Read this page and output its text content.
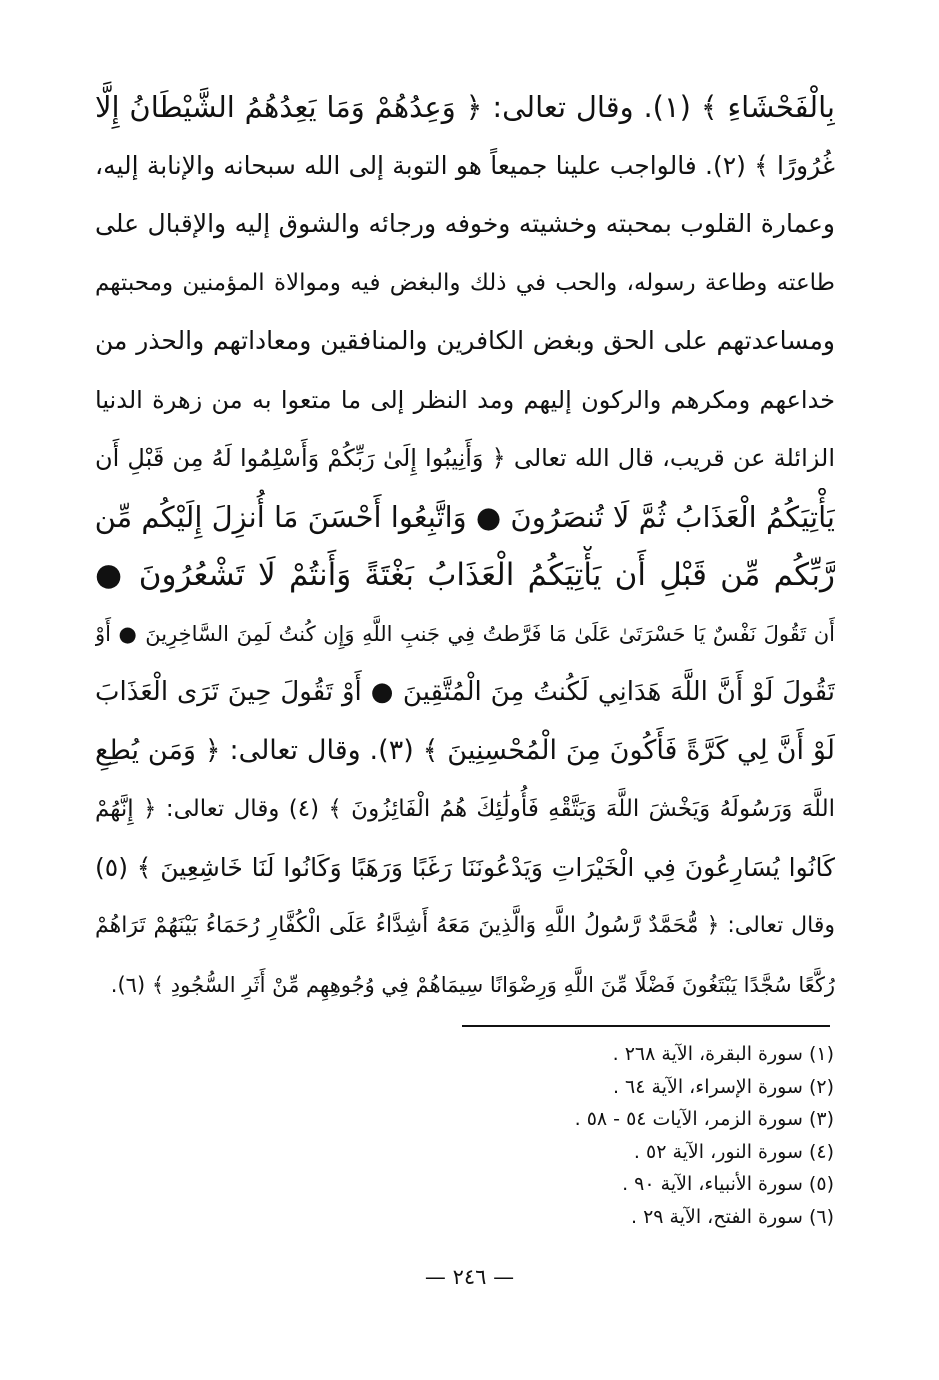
بِالْفَحْشَاءِ ﴾ (١). وقال تعالى: ﴿ وَعِدُهُمْ وَمَا يَعِدُهُمُ الشَّيْطَانُ إِلَّا
غُرُورًا ﴾ (٢). فالواجب علينا جميعاً هو التوبة إلى الله سبحانه والإنابة إليه،
وعمارة القلوب بمحبته وخشيته وخوفه ورجائه والشوق إليه والإقبال على
طاعته وطاعة رسوله، والحب في ذلك والبغض فيه وموالاة المؤمنين ومحبتهم
ومساعدتهم على الحق وبغض الكافرين والمنافقين ومعاداتهم والحذر من
خداعهم ومكرهم والركون إليهم ومد النظر إلى ما متعوا به من زهرة الدنيا
الزائلة عن قريب، قال الله تعالى ﴿ وَأَنِيبُوا إِلَىٰ رَبِّكُمْ وَأَسْلِمُوا لَهُ مِن قَبْلِ أَن
يَأْتِيَكُمُ الْعَذَابُ ثُمَّ لَا تُنصَرُونَ ● وَاتَّبِعُوا أَحْسَنَ مَا أُنزِلَ إِلَيْكُم مِّن
رَّبِّكُم مِّن قَبْلِ أَن يَأْتِيَكُمُ الْعَذَابُ بَغْتَةً وَأَنتُمْ لَا تَشْعُرُونَ ●
أَن تَقُولَ نَفْسٌ يَا حَسْرَتَىٰ عَلَىٰ مَا فَرَّطتُ فِي جَنبِ اللَّهِ وَإِن كُنتُ لَمِنَ السَّاخِرِينَ ● أَوْ
تَقُولَ لَوْ أَنَّ اللَّهَ هَدَانِي لَكُنتُ مِنَ الْمُتَّقِينَ ● أَوْ تَقُولَ حِينَ تَرَى الْعَذَابَ
لَوْ أَنَّ لِي كَرَّةً فَأَكُونَ مِنَ الْمُحْسِنِينَ ﴾ (٣). وقال تعالى: ﴿ وَمَن يُطِعِ
اللَّهَ وَرَسُولَهُ وَيَخْشَ اللَّهَ وَيَتَّقْهِ فَأُولَٰئِكَ هُمُ الْفَائِزُونَ ﴾ (٤) وقال تعالى: ﴿ إِنَّهُمْ
كَانُوا يُسَارِعُونَ فِي الْخَيْرَاتِ وَيَدْعُونَنَا رَغَبًا وَرَهَبًا وَكَانُوا لَنَا خَاشِعِينَ ﴾ (٥)
وقال تعالى: ﴿ مُّحَمَّدٌ رَّسُولُ اللَّهِ وَالَّذِينَ مَعَهُ أَشِدَّاءُ عَلَى الْكُفَّارِ رُحَمَاءُ بَيْنَهُمْ تَرَاهُمْ
رُكَّعًا سُجَّدًا يَبْتَغُونَ فَضْلًا مِّنَ اللَّهِ وَرِضْوَانًا سِيمَاهُمْ فِي وُجُوهِهِم مِّنْ أَثَرِ السُّجُودِ ﴾ (٦).
(١) سورة البقرة، الآية ٢٦٨ .
(٢) سورة الإسراء، الآية ٦٤ .
(٣) سورة الزمر، الآيات ٥٤ - ٥٨ .
(٤) سورة النور، الآية ٥٢ .
(٥) سورة الأنبياء، الآية ٩٠ .
(٦) سورة الفتح، الآية ٢٩ .
— ٢٤٦ —
